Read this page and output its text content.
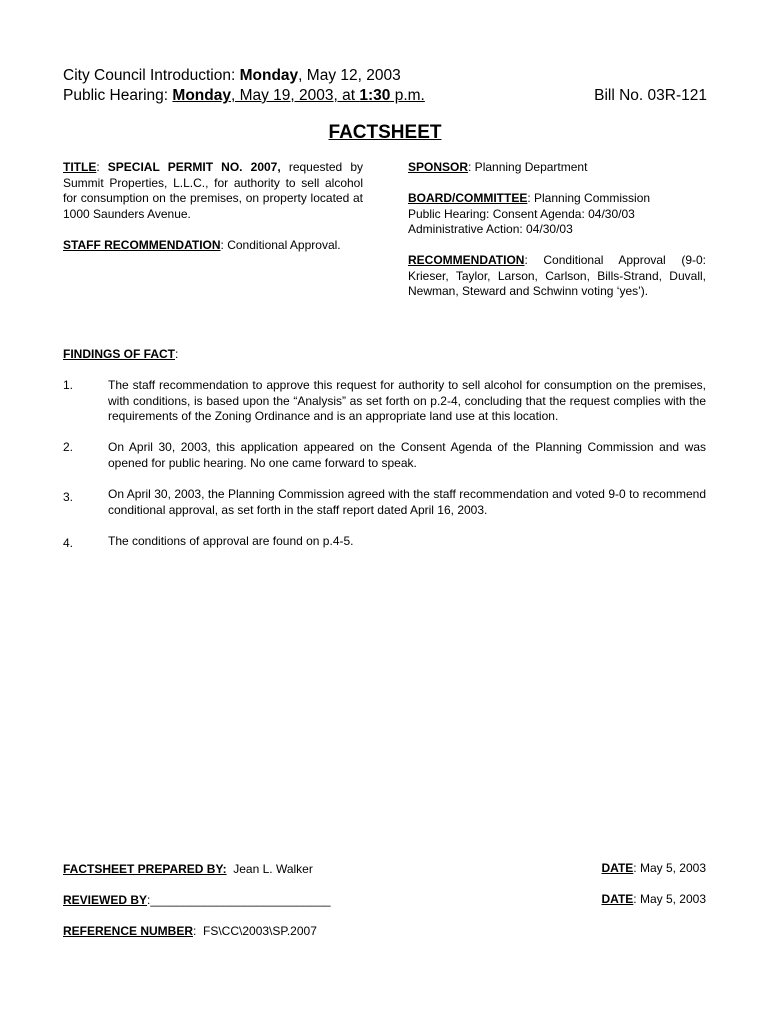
City Council Introduction: Monday, May 12, 2003
Public Hearing: Monday, May 19, 2003, at 1:30 p.m.	Bill No. 03R-121
FACTSHEET
TITLE: SPECIAL PERMIT NO. 2007, requested by Summit Properties, L.L.C., for authority to sell alcohol for consumption on the premises, on property located at 1000 Saunders Avenue.
STAFF RECOMMENDATION: Conditional Approval.
SPONSOR: Planning Department
BOARD/COMMITTEE: Planning Commission
Public Hearing: Consent Agenda: 04/30/03
Administrative Action: 04/30/03
RECOMMENDATION: Conditional Approval (9-0: Krieser, Taylor, Larson, Carlson, Bills-Strand, Duvall, Newman, Steward and Schwinn voting ‘yes’).
FINDINGS OF FACT:
1.	The staff recommendation to approve this request for authority to sell alcohol for consumption on the premises, with conditions, is based upon the “Analysis” as set forth on p.2-4, concluding that the request complies with the requirements of the Zoning Ordinance and is an appropriate land use at this location.
2.	On April 30, 2003, this application appeared on the Consent Agenda of the Planning Commission and was opened for public hearing. No one came forward to speak.
3.	On April 30, 2003, the Planning Commission agreed with the staff recommendation and voted 9-0 to recommend conditional approval, as set forth in the staff report dated April 16, 2003.
4.	The conditions of approval are found on p.4-5.
FACTSHEET PREPARED BY:  Jean L. Walker	DATE: May 5, 2003
REVIEWED BY:___________________________	DATE: May 5, 2003
REFERENCE NUMBER:  FS\CC\2003\SP.2007
